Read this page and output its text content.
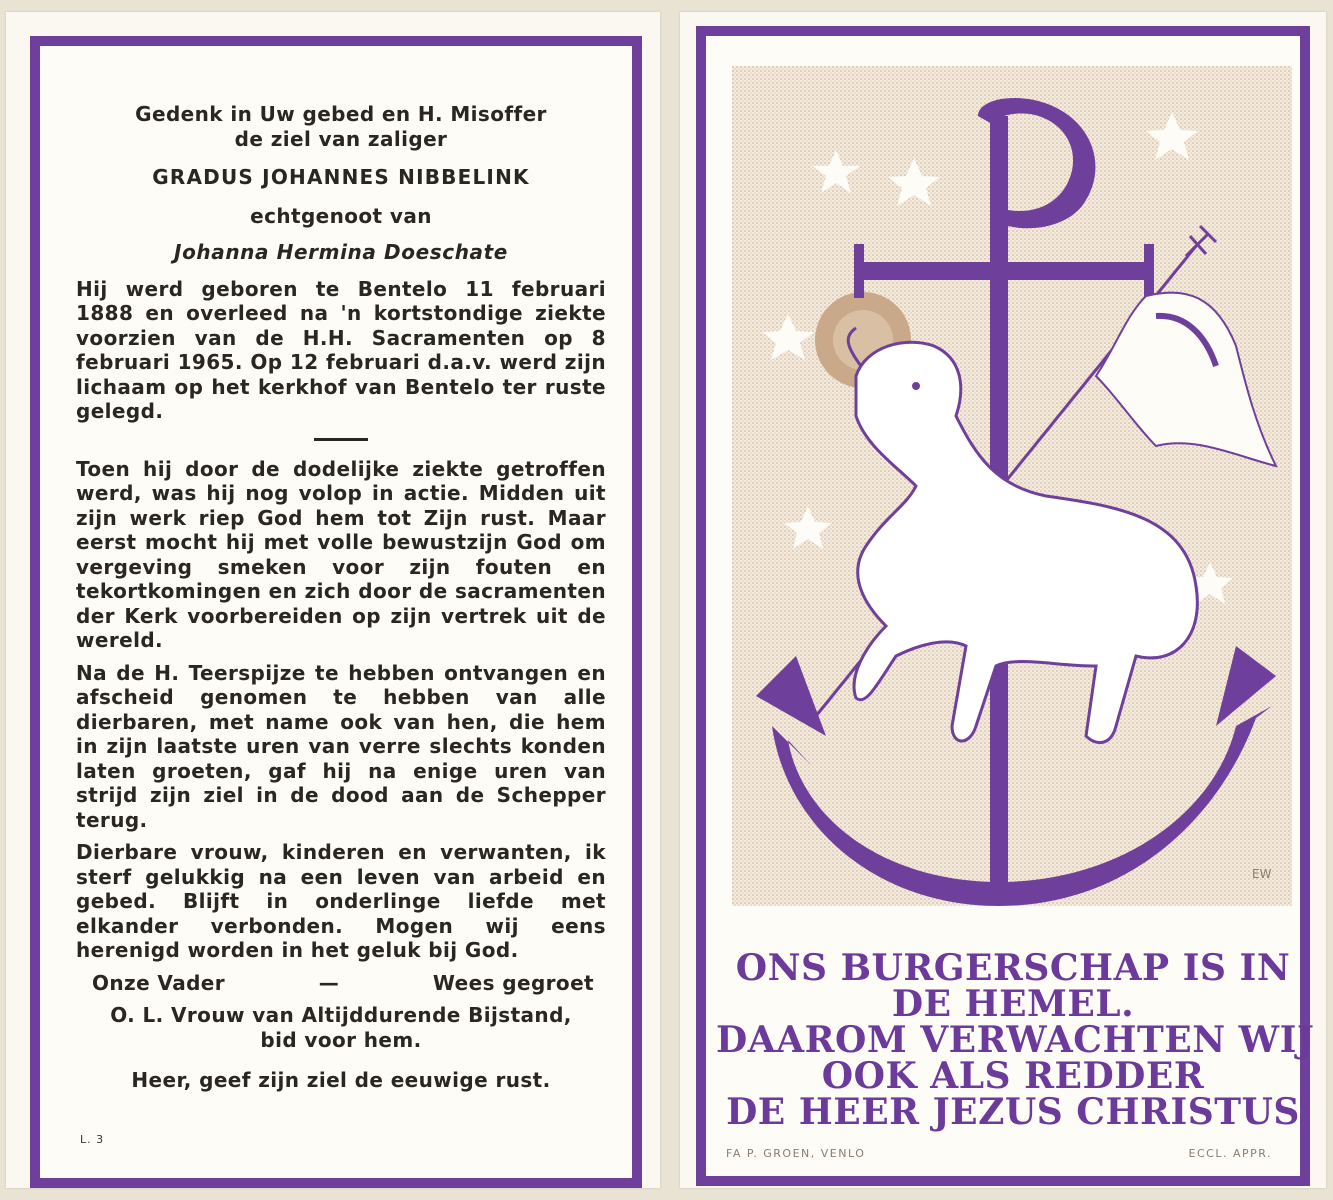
Gedenk in Uw gebed en H. Misoffer
de ziel van zaliger
GRADUS JOHANNES NIBBELINK
echtgenoot van
Johanna Hermina Doeschate
Hij werd geboren te Bentelo 11 februari 1888 en overleed na 'n kortstondige ziekte voorzien van de H.H. Sacramenten op 8 februari 1965. Op 12 februari d.a.v. werd zijn lichaam op het kerkhof van Bentelo ter ruste gelegd.
Toen hij door de dodelijke ziekte getroffen werd, was hij nog volop in actie. Midden uit zijn werk riep God hem tot Zijn rust. Maar eerst mocht hij met volle bewustzijn God om vergeving smeken voor zijn fouten en tekortkomingen en zich door de sacramenten der Kerk voorbereiden op zijn vertrek uit de wereld.
Na de H. Teerspijze te hebben ontvangen en afscheid genomen te hebben van alle dierbaren, met name ook van hen, die hem in zijn laatste uren van verre slechts konden laten groeten, gaf hij na enige uren van strijd zijn ziel in de dood aan de Schepper terug.
Dierbare vrouw, kinderen en verwanten, ik sterf gelukkig na een leven van arbeid en gebed. Blijft in onderlinge liefde met elkander verbonden. Mogen wij eens herenigd worden in het geluk bij God.
Onze Vader	—	Wees gegroet
O. L. Vrouw van Altijddurende Bijstand,
bid voor hem.
Heer, geef zijn ziel de eeuwige rust.
L. 3
EW
ONS BURGERSCHAP IS IN
DE HEMEL.
DAAROM VERWACHTEN WIJ
OOK ALS REDDER
DE HEER JEZUS CHRISTUS
FA P. GROEN, VENLO	ECCL. APPR.
